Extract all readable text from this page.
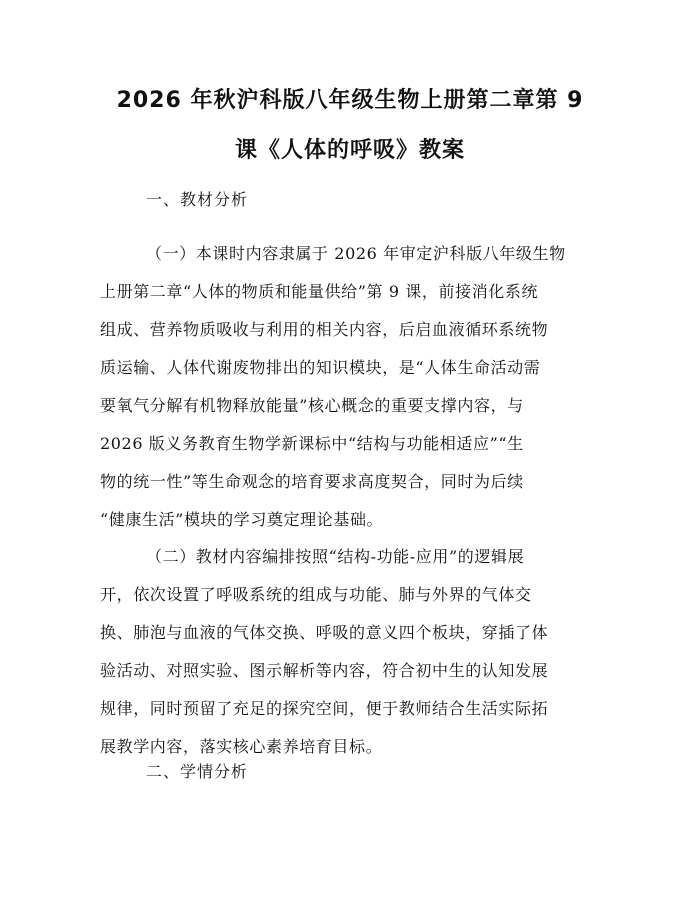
2026 年秋沪科版八年级生物上册第二章第 9
课《人体的呼吸》教案
一、教材分析
（一）本课时内容隶属于 2026 年审定沪科版八年级生物
上册第二章“人体的物质和能量供给”第 9 课，前接消化系统
组成、营养物质吸收与利用的相关内容，后启血液循环系统物
质运输、人体代谢废物排出的知识模块，是“人体生命活动需
要氧气分解有机物释放能量”核心概念的重要支撑内容，与
2026 版义务教育生物学新课标中“结构与功能相适应”“生
物的统一性”等生命观念的培育要求高度契合，同时为后续
“健康生活”模块的学习奠定理论基础。
（二）教材内容编排按照“结构-功能-应用”的逻辑展
开，依次设置了呼吸系统的组成与功能、肺与外界的气体交
换、肺泡与血液的气体交换、呼吸的意义四个板块，穿插了体
验活动、对照实验、图示解析等内容，符合初中生的认知发展
规律，同时预留了充足的探究空间，便于教师结合生活实际拓
展教学内容，落实核心素养培育目标。
二、学情分析
